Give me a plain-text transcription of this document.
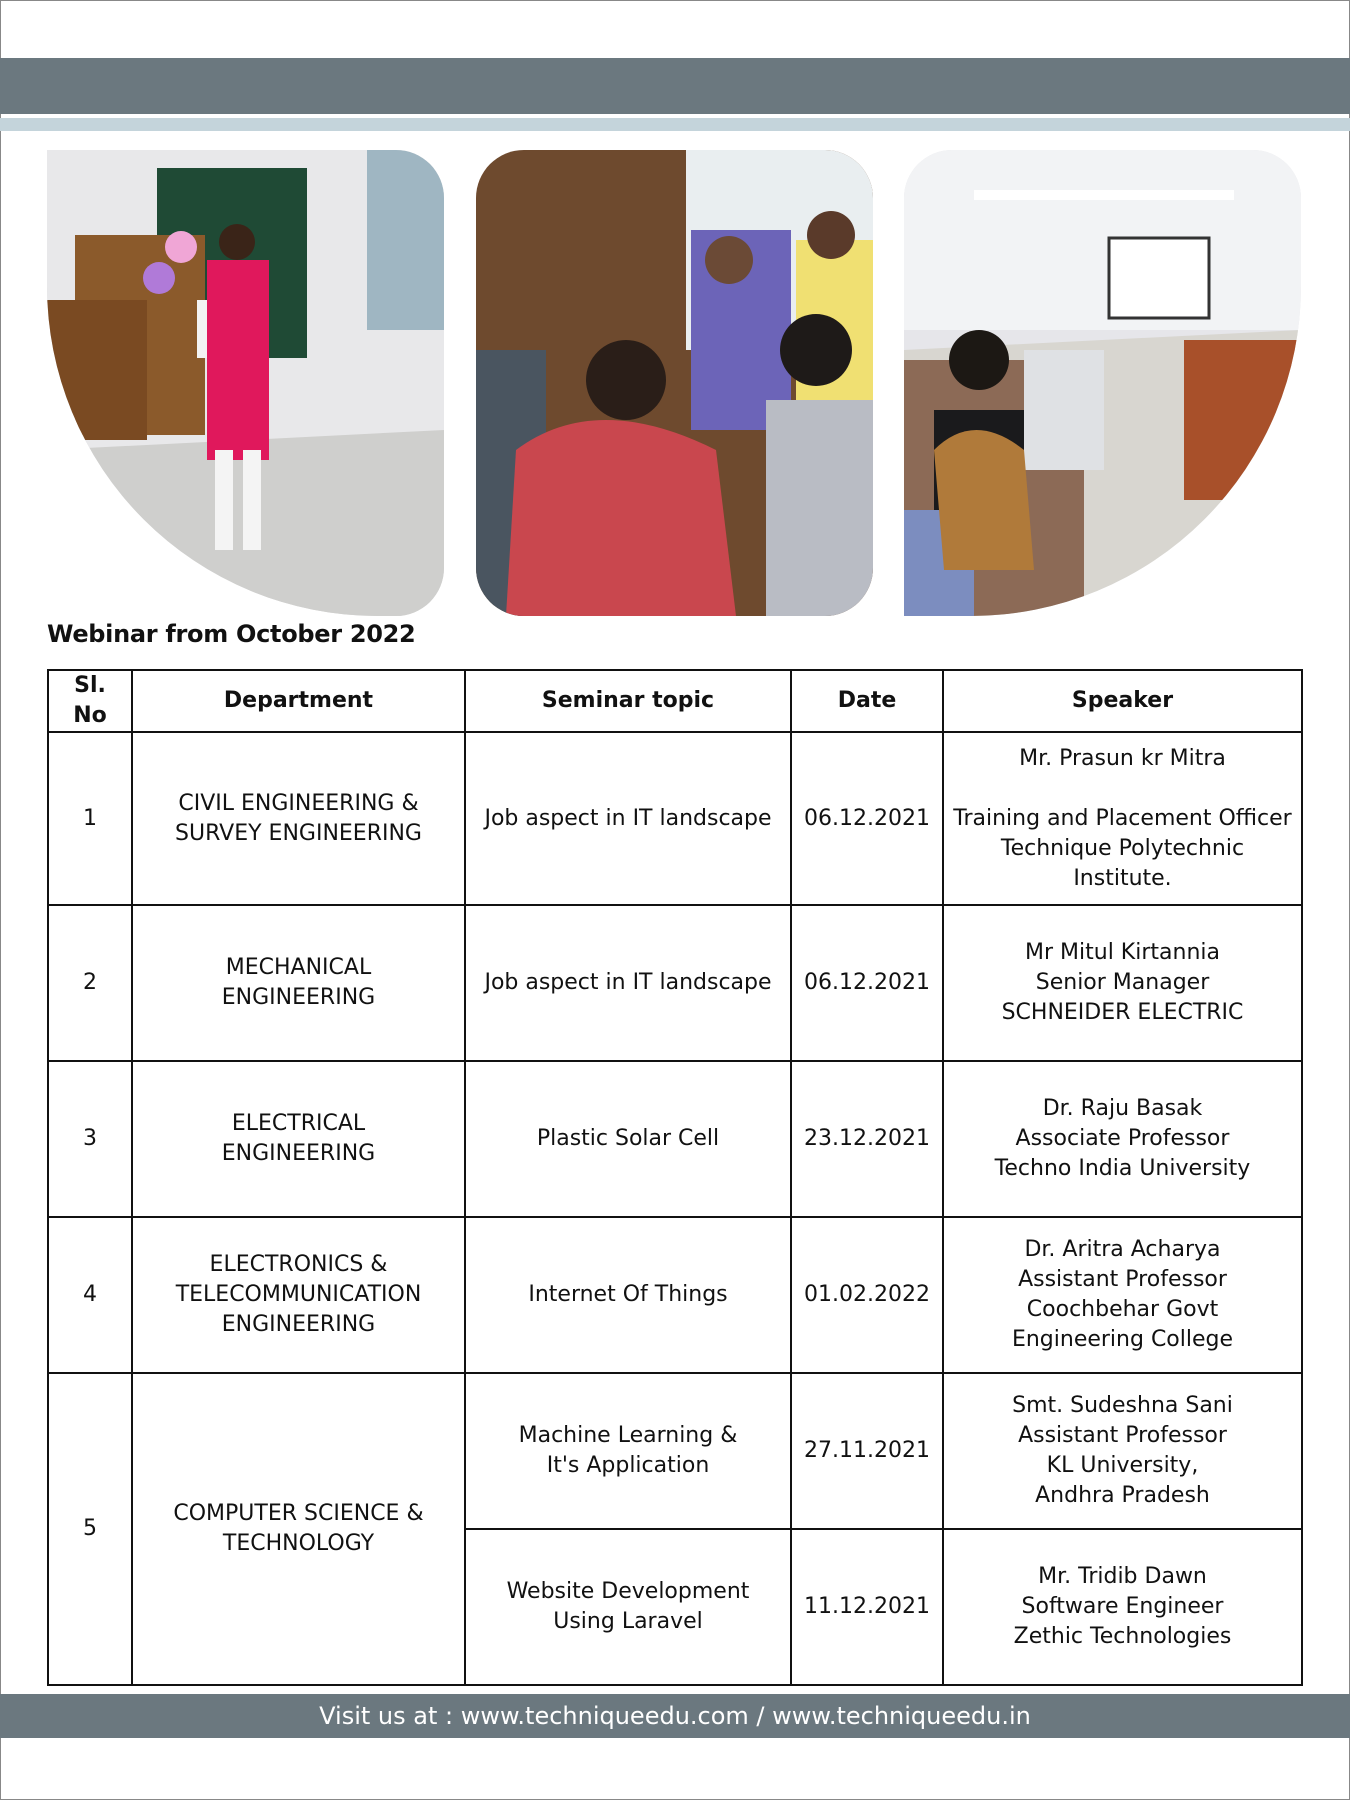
Webinar from October 2022
Sl. No	Department	Seminar topic	Date	Speaker
1	CIVIL ENGINEERING &
SURVEY ENGINEERING	Job aspect in IT landscape	06.12.2021	Mr. Prasun kr Mitra
Training and Placement Officer
Technique Polytechnic Institute.

2	MECHANICAL
ENGINEERING	Job aspect in IT landscape	06.12.2021	Mr Mitul Kirtannia
Senior Manager
SCHNEIDER ELECTRIC

3	ELECTRICAL
ENGINEERING	Plastic Solar Cell	23.12.2021	Dr. Raju Basak
Associate Professor
Techno India University

4	ELECTRONICS &
TELECOMMUNICATION
ENGINEERING	Internet Of Things	01.02.2022	Dr. Aritra Acharya
Assistant Professor
Coochbehar Govt
Engineering College

5	COMPUTER SCIENCE &
TECHNOLOGY	Machine Learning &
It's Application	27.11.2021	Smt. Sudeshna Sani
Assistant Professor
KL University,
Andhra Pradesh

		Website Development
Using Laravel	11.12.2021	Mr. Tridib Dawn
Software Engineer
Zethic Technologies
Visit us at : www.techniqueedu.com / www.techniqueedu.in
